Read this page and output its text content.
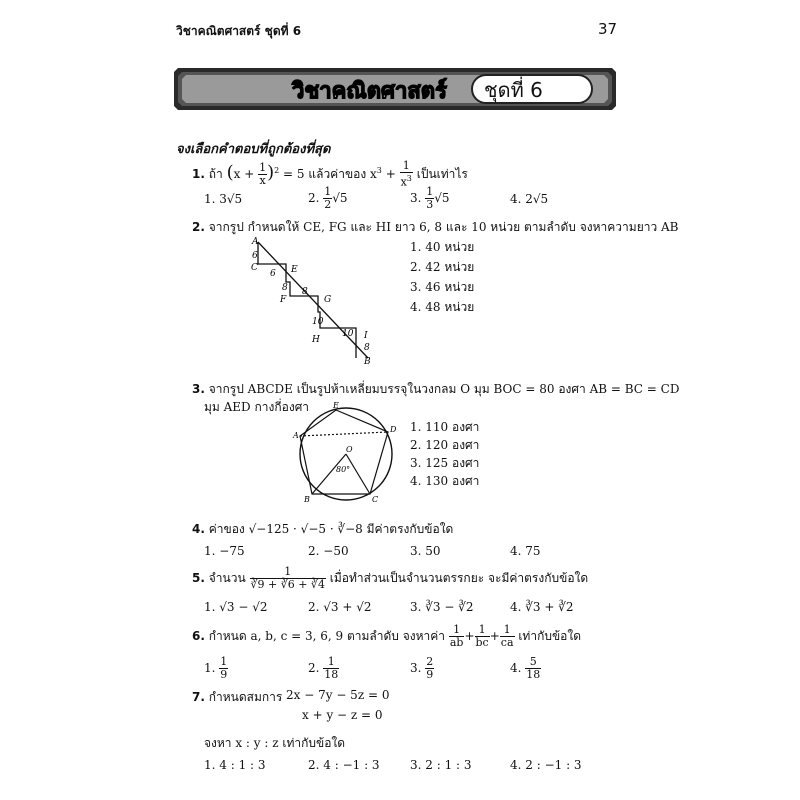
วิชาคณิตศาสตร์ ชุดที่ 6	37
วิชาคณิตศาสตร์ ชุดที่ 6
จงเลือกคำตอบที่ถูกต้องที่สุด
1. ถ้า $(x + \frac{1}{x} )^2 = 5$ แล้วค่าของ $x^3 + \frac{1}{x^3}$ เป็นเท่าไร
1. 3√5	2. $\frac{1}{2} √5$	3. $\frac{1}{3} √5$	4. 2√5
2. จากรูป กำหนดให้ CE, FG และ HI ยาว 6, 8 และ 10 หน่วย ตามลำดับ จงหาความยาว AB
A
C	E
F	G
H	I
B
6
6
8 8
10
10
8
1. 40 หน่วย
2. 42 หน่วย
3. 46 หน่วย
4. 48 หน่วย
3. จากรูป ABCDE เป็นรูปห้าเหลี่ยมบรรจุในวงกลม O มุม BOC = 80 องศา AB = BC = CD
มุม AED กางกี่องศา	E
D
A
B	C
O
80°
1. 110 องศา
2. 120 องศา
3. 125 องศา
4. 130 องศา
4. ค่าของ √−125 · √−5 · ∛−8 มีค่าตรงกับข้อใด
1. −75	2. −50	3. 50	4. 75
5. จำนวน $\frac{1}{∛9 + ∛6 + ∛4}$ เมื่อทำส่วนเป็นจำนวนตรรกยะ จะมีค่าตรงกับข้อใด
1. √3 − √2	2. √3 + √2	3. ∛3 − ∛2	4. ∛3 + ∛2
6. กำหนด a, b, c = 3, 6, 9 ตามลำดับ จงหาค่า $\frac{1}{ab} + \frac{1}{bc} + \frac{1}{ca}$ เท่ากับข้อใด
1. $\frac{1}{9}$	2. $\frac{1}{18}$	3. $\frac{2}{9}$	4. $\frac{5}{18}$
7. กำหนดสมการ 2x − 7y − 5z = 0
x + y − z = 0
จงหา x : y : z เท่ากับข้อใด
1. 4 : 1 : 3	2. 4 : −1 : 3	3. 2 : 1 : 3	4. 2 : −1 : 3
